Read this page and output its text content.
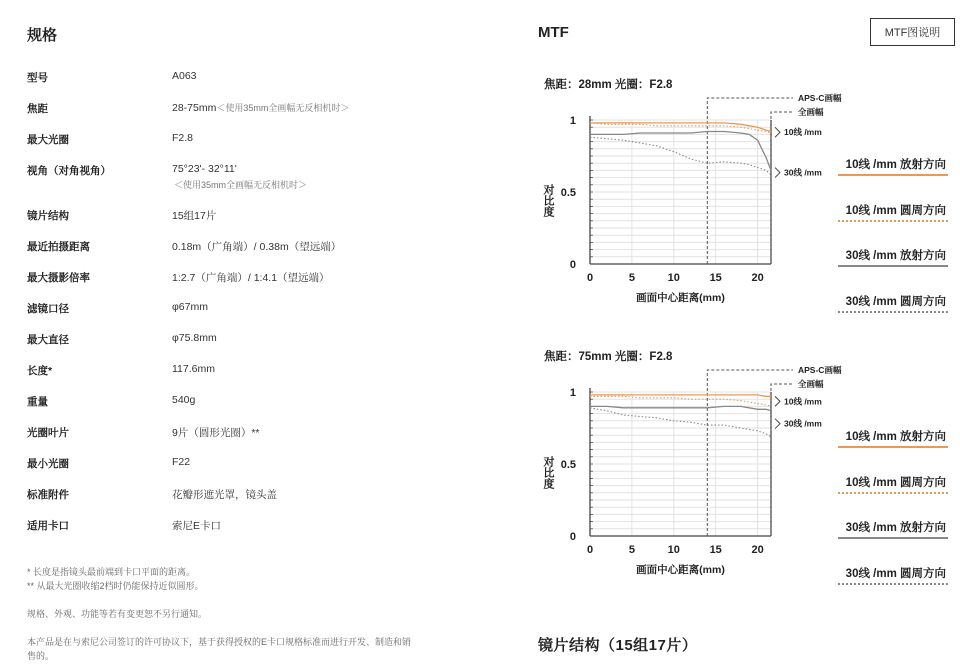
规格
型号	A063
焦距	28-75mm＜使用35mm全画幅无反相机时＞
最大光圈	F2.8
视角（对角视角）	75°23'- 32°11'
＜使用35mm全画幅无反相机时＞
镜片结构	15组17片
最近拍摄距离	0.18m（广角端）/ 0.38m（望远端）
最大摄影倍率	1:2.7（广角端）/ 1:4.1（望远端）
滤镜口径	φ67mm
最大直径	φ75.8mm
长度*	117.6mm
重量	540g
光圈叶片	9片（圆形光圈）**
最小光圈	F22
标准附件	花瓣形遮光罩，镜头盖
适用卡口	索尼E卡口
* 长度是指镜头最前端到卡口平面的距离。
** 从最大光圈收缩2档时仍能保持近似圆形。
规格、外观、功能等若有变更恕不另行通知。
本产品是在与索尼公司签订的许可协议下，基于获得授权的E卡口规格标准而进行开发、制造和销
售的。
MTF	MTF图说明
焦距：28mm 光圈：F2.8
0
0.5
1
0	5	10	15	20
画面中心距离(mm)
对比度
APS-C画幅
全画幅
10线 /mm
30线 /mm
焦距：75mm 光圈：F2.8
0
0.5
1
0	5	10	15	20
画面中心距离(mm)
对比度
APS-C画幅
全画幅
10线 /mm
30线 /mm
10线 /mm 放射方向
10线 /mm 圆周方向
30线 /mm 放射方向
30线 /mm 圆周方向
10线 /mm 放射方向
10线 /mm 圆周方向
30线 /mm 放射方向
30线 /mm 圆周方向
镜片结构（15组17片）
